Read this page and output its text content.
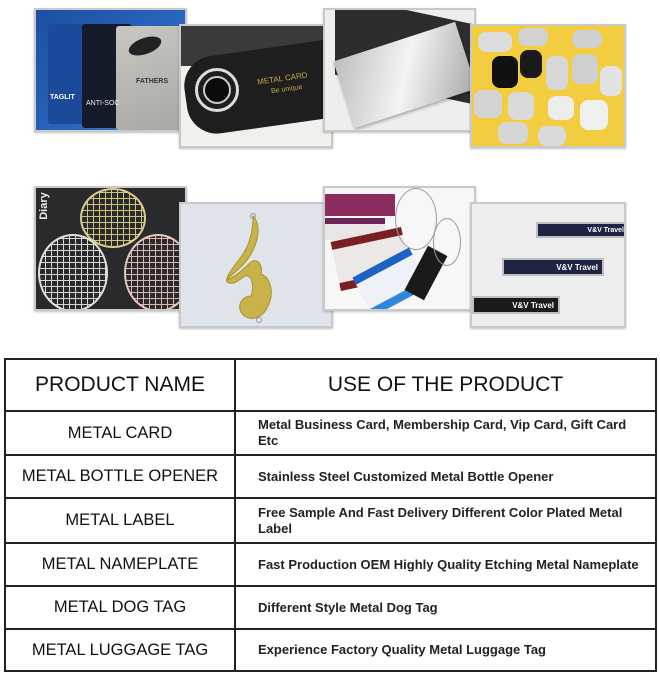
TAGLIT
ANTI-SOC
FATHERS	METAL CARD
Be unique
Diary
V&V Travel
V&V Travel
V&V Travel
PRODUCT NAME	USE OF THE PRODUCT
METAL CARD	Metal Business Card, Membership Card, Vip Card, Gift Card Etc
METAL BOTTLE OPENER	Stainless Steel Customized Metal Bottle Opener
METAL LABEL	Free Sample And Fast Delivery Different Color Plated Metal Label
METAL NAMEPLATE	Fast Production OEM Highly Quality Etching Metal Nameplate
METAL DOG TAG	Different Style Metal Dog Tag
METAL LUGGAGE TAG	Experience Factory Quality Metal Luggage Tag
